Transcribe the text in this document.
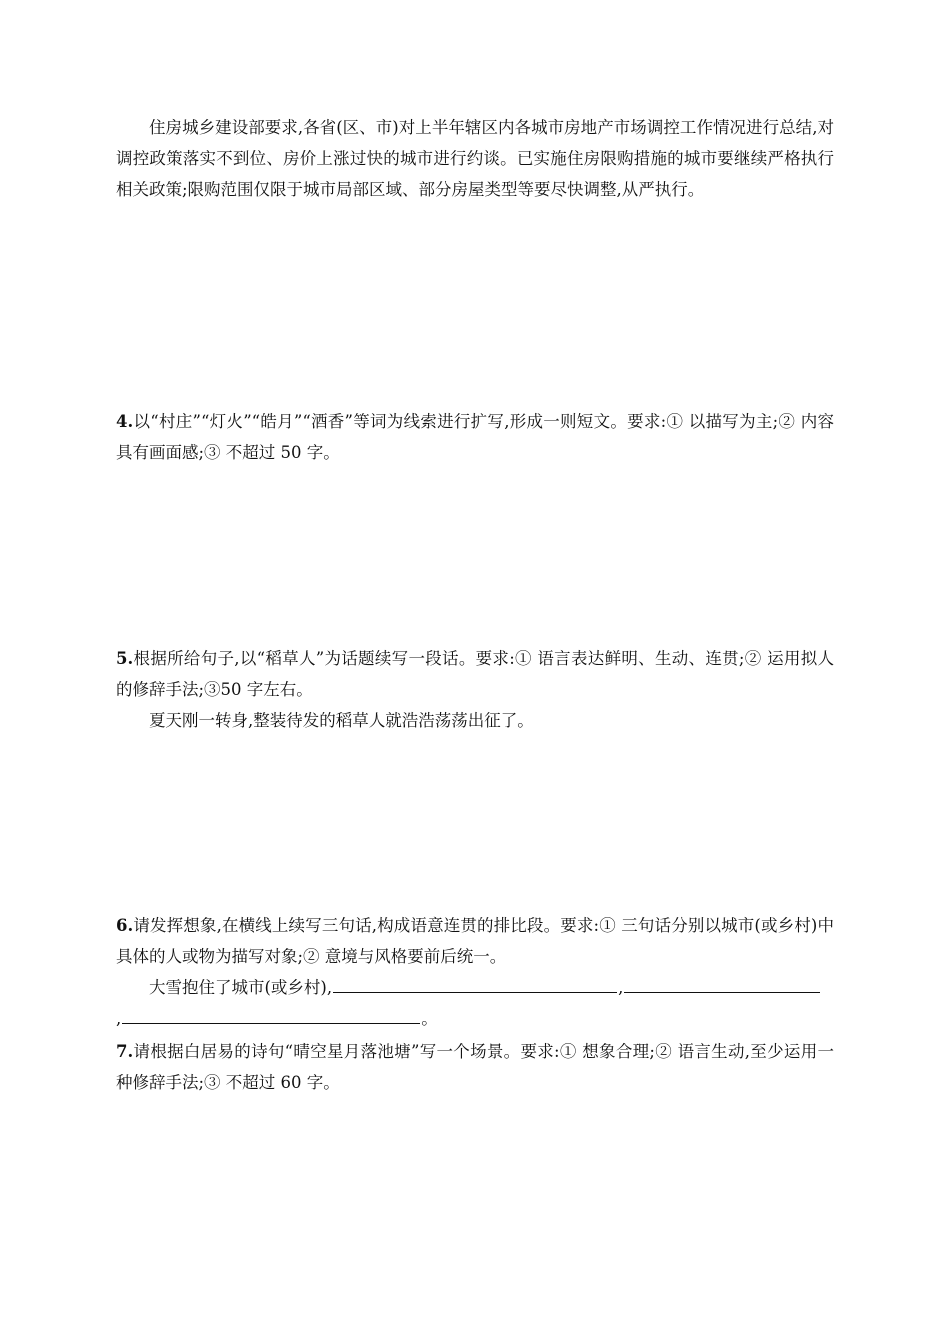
住房城乡建设部要求,各省(区、市)对上半年辖区内各城市房地产市场调控工作情况进行总结,对调控政策落实不到位、房价上涨过快的城市进行约谈。已实施住房限购措施的城市要继续严格执行相关政策;限购范围仅限于城市局部区域、部分房屋类型等要尽快调整,从严执行。

4.以“村庄”“灯火”“皓月”“酒香”等词为线索进行扩写,形成一则短文。要求:① 以描写为主;② 内容具有画面感;③ 不超过 50 字。

5.根据所给句子,以“稻草人”为话题续写一段话。要求:① 语言表达鲜明、生动、连贯;② 运用拟人的修辞手法;③50 字左右。

夏天刚一转身,整装待发的稻草人就浩浩荡荡出征了。

6.请发挥想象,在横线上续写三句话,构成语意连贯的排比段。要求:① 三句话分别以城市(或乡村)中具体的人或物为描写对象;② 意境与风格要前后统一。

大雪抱住了城市(或乡村),	,

,	。

7.请根据白居易的诗句“晴空星月落池塘”写一个场景。要求:① 想象合理;② 语言生动,至少运用一种修辞手法;③ 不超过 60 字。
